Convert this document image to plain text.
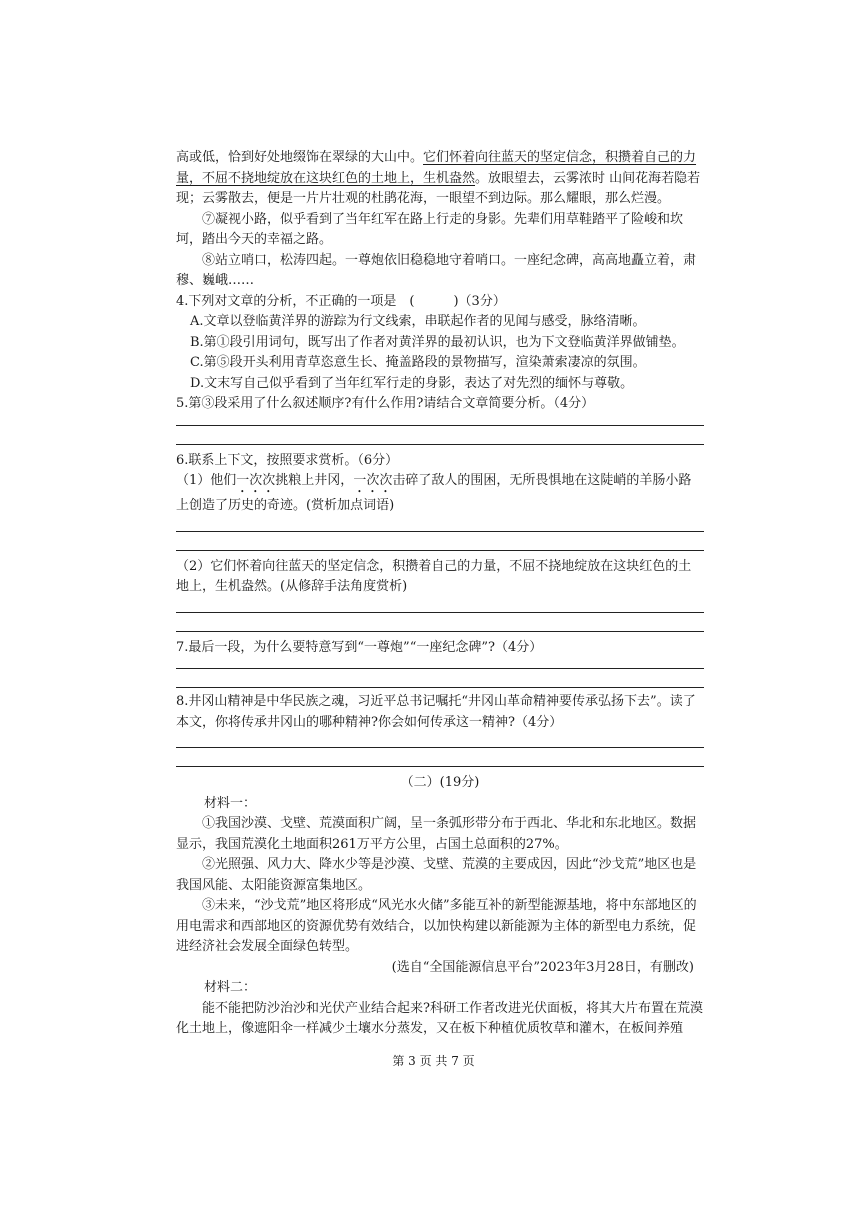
高或低，恰到好处地缀饰在翠绿的大山中。它们怀着向往蓝天的坚定信念，积攒着自己的力量，不屈不挠地绽放在这块红色的土地上，生机盎然。放眼望去，云雾浓时 山间花海若隐若现；云雾散去，便是一片片壮观的杜鹃花海，一眼望不到边际。那么耀眼，那么烂漫。

⑦凝视小路，似乎看到了当年红军在路上行走的身影。先辈们用草鞋踏平了险峻和坎坷，踏出今天的幸福之路。

⑧站立哨口，松涛四起。一尊炮依旧稳稳地守着哨口。一座纪念碑，高高地矗立着，肃穆、巍峨……

4.下列对文章的分析，不正确的一项是　(　　　)（3分）

A.文章以登临黄洋界的游踪为行文线索，串联起作者的见闻与感受，脉络清晰。

B.第①段引用词句，既写出了作者对黄洋界的最初认识，也为下文登临黄洋界做铺垫。

C.第⑤段开头利用青草恣意生长、掩盖路段的景物描写，渲染萧索凄凉的氛围。

D.文末写自己似乎看到了当年红军行走的身影，表达了对先烈的缅怀与尊敬。

5.第③段采用了什么叙述顺序?有什么作用?请结合文章简要分析。（4分）

6.联系上下文，按照要求赏析。（6分）

（1）他们一次次挑粮上井冈，一次次击碎了敌人的围困，无所畏惧地在这陡峭的羊肠小路上创造了历史的奇迹。(赏析加点词语)

（2）它们怀着向往蓝天的坚定信念，积攒着自己的力量，不屈不挠地绽放在这块红色的土地上，生机盎然。(从修辞手法角度赏析)

7.最后一段，为什么要特意写到“一尊炮”“一座纪念碑”?（4分）

8.井冈山精神是中华民族之魂，习近平总书记嘱托“井冈山革命精神要传承弘扬下去”。读了本文，你将传承井冈山的哪种精神?你会如何传承这一精神?（4分）

（二）(19分)

材料一：

①我国沙漠、戈壁、荒漠面积广阔，呈一条弧形带分布于西北、华北和东北地区。数据显示，我国荒漠化土地面积261万平方公里，占国土总面积的27%。

②光照强、风力大、降水少等是沙漠、戈壁、荒漠的主要成因，因此“沙戈荒”地区也是我国风能、太阳能资源富集地区。

③未来，“沙戈荒”地区将形成“风光水火储”多能互补的新型能源基地，将中东部地区的用电需求和西部地区的资源优势有效结合，以加快构建以新能源为主体的新型电力系统，促进经济社会发展全面绿色转型。

(选自“全国能源信息平台”2023年3月28日，有删改)

材料二：

能不能把防沙治沙和光伏产业结合起来?科研工作者改进光伏面板，将其大片布置在荒漠化土地上，像遮阳伞一样减少土壤水分蒸发，又在板下种植优质牧草和灌木，在板间养殖

第 3 页 共 7 页
